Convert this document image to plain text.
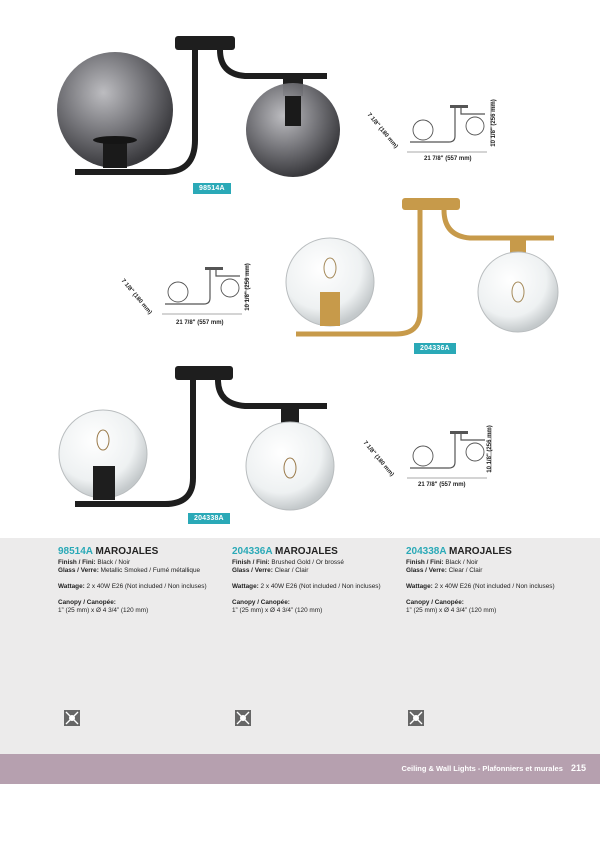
98514A
21 7/8" (557 mm)
7 1/8" (180 mm)	10 1/8" (256 mm)
204336A
21 7/8" (557 mm)
7 1/8" (180 mm)	10 1/8" (256 mm)
204338A
21 7/8" (557 mm)
7 1/8" (180 mm)	10 1/8" (256 mm)
98514A MAROJALES
Finish / Fini: Black / Noir
Glass / Verre: Metallic Smoked / Fumé métallique
Wattage: 2 x 40W E26 (Not included / Non incluses)
Canopy / Canopée:
1” (25 mm) x Ø 4 3/4” (120 mm)
204336A MAROJALES
Finish / Fini: Brushed Gold / Or brossé
Glass / Verre: Clear / Clair
Wattage: 2 x 40W E26 (Not included / Non incluses)
Canopy / Canopée:
1” (25 mm) x Ø 4 3/4” (120 mm)
204338A MAROJALES
Finish / Fini: Black / Noir
Glass / Verre: Clear / Clair
Wattage: 2 x 40W E26 (Not included / Non incluses)
Canopy / Canopée:
1” (25 mm) x Ø 4 3/4” (120 mm)
Ceiling & Wall Lights - Plafonniers et murales 215
